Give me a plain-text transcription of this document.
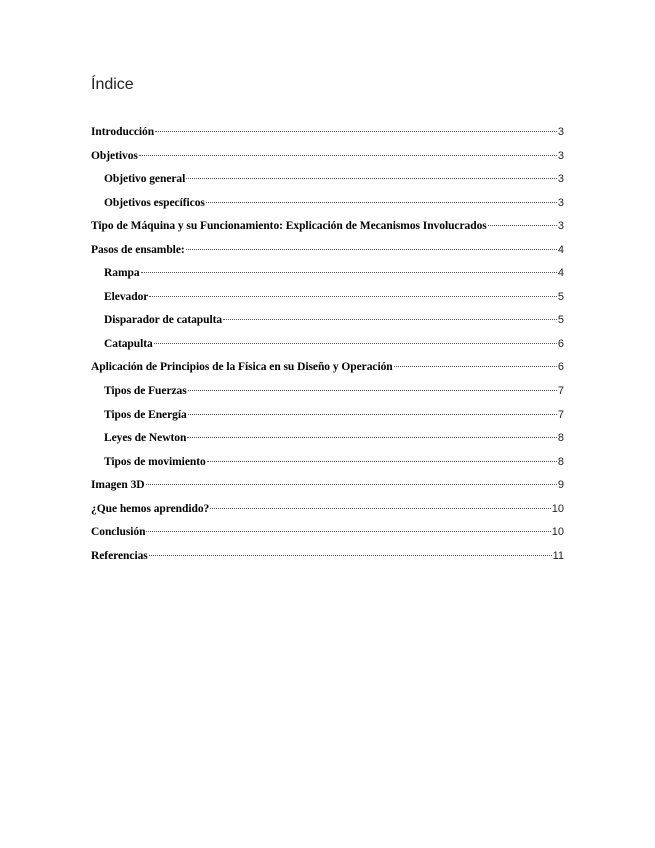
Índice
Introducción	3
Objetivos	3
Objetivo general	3
Objetivos específicos	3
Tipo de Máquina y su Funcionamiento: Explicación de Mecanismos Involucrados	3
Pasos de ensamble:	4
Rampa	4
Elevador	5
Disparador de catapulta	5
Catapulta	6
Aplicación de Principios de la Física en su Diseño y Operación	6
Tipos de Fuerzas	7
Tipos de Energía	7
Leyes de Newton	8
Tipos de movimiento	8
Imagen 3D	9
¿Que hemos aprendido?	10
Conclusión	10
Referencias	11
